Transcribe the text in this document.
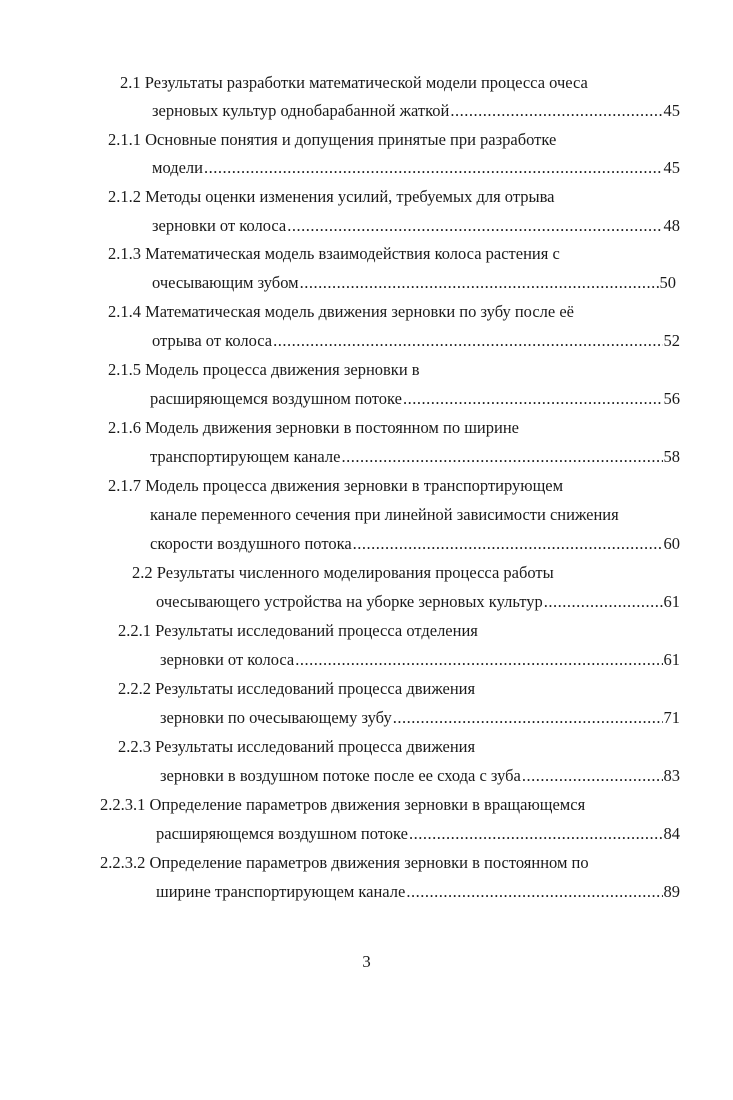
2.1 Результаты разработки математической модели процесса очеса
зерновых культур однобарабанной жаткой .....	45
2.1.1 Основные понятия и допущения принятые при разработке
модели .....	45
2.1.2 Методы оценки изменения усилий, требуемых для отрыва
зерновки от колоса .....	48
2.1.3 Математическая модель взаимодействия колоса растения с
очесывающим зубом .....	50
2.1.4 Математическая модель движения зерновки по зубу после её
отрыва от колоса .....	52
2.1.5 Модель процесса движения зерновки в
расширяющемся воздушном потоке .....	56
2.1.6 Модель движения зерновки в постоянном по ширине
транспортирующем канале .....	58
2.1.7 Модель процесса движения зерновки в транспортирующем
канале переменного сечения при линейной зависимости снижения
скорости воздушного потока .....	60
2.2 Результаты численного моделирования процесса работы
очесывающего устройства на уборке зерновых культур .....	61
2.2.1 Результаты исследований процесса отделения
зерновки от колоса .....	61
2.2.2 Результаты исследований процесса движения
зерновки по очесывающему зубу .....	71
2.2.3 Результаты исследований процесса движения
зерновки в воздушном потоке после ее схода с зуба .....	83
2.2.3.1 Определение параметров движения зерновки в вращающемся
расширяющемся воздушном потоке .....	84
2.2.3.2 Определение параметров движения зерновки в постоянном по
ширине транспортирующем канале .....	89
3
